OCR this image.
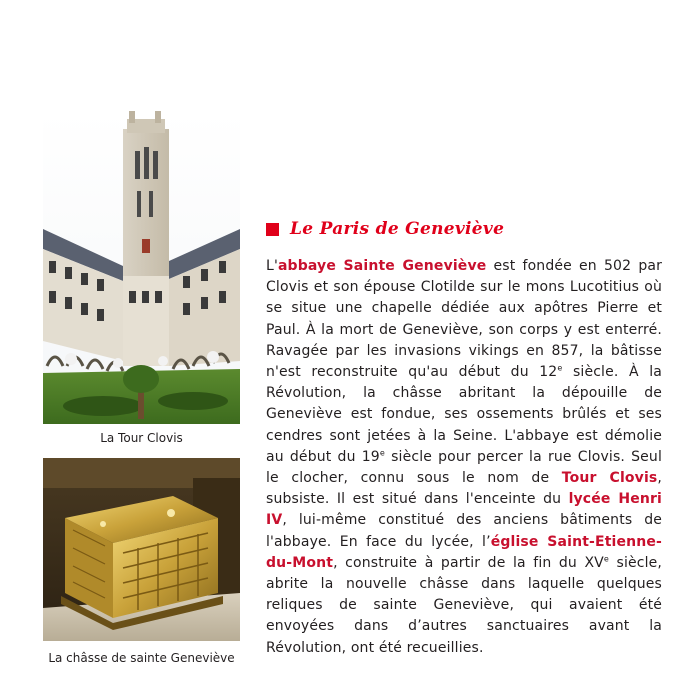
La Tour Clovis
La châsse de sainte Geneviève
Le Paris de Geneviève
L'abbaye Sainte Geneviève est fondée en 502 par Clovis et son épouse Clotilde sur le mons Lucotitius où se situe une chapelle dédiée aux apôtres Pierre et Paul. À la mort de Geneviève, son corps y est enterré. Ravagée par les invasions vikings en 857, la bâtisse n'est reconstruite qu'au début du 12e siècle. À la Révolution, la châsse abritant la dépouille de Geneviève est fondue, ses ossements brûlés et ses cendres sont jetées à la Seine. L'abbaye est démolie au début du 19e siècle pour percer la rue Clovis. Seul le clocher, connu sous le nom de Tour Clovis, subsiste. Il est situé dans l'enceinte du lycée Henri IV, lui-même constitué des anciens bâtiments de l'abbaye. En face du lycée, l’église Saint-Etienne-du-Mont, construite à partir de la fin du XVe siècle, abrite la nouvelle châsse dans laquelle quelques reliques de sainte Geneviève, qui avaient été envoyées dans d’autres sanctuaires avant la Révolution, ont été recueillies.
